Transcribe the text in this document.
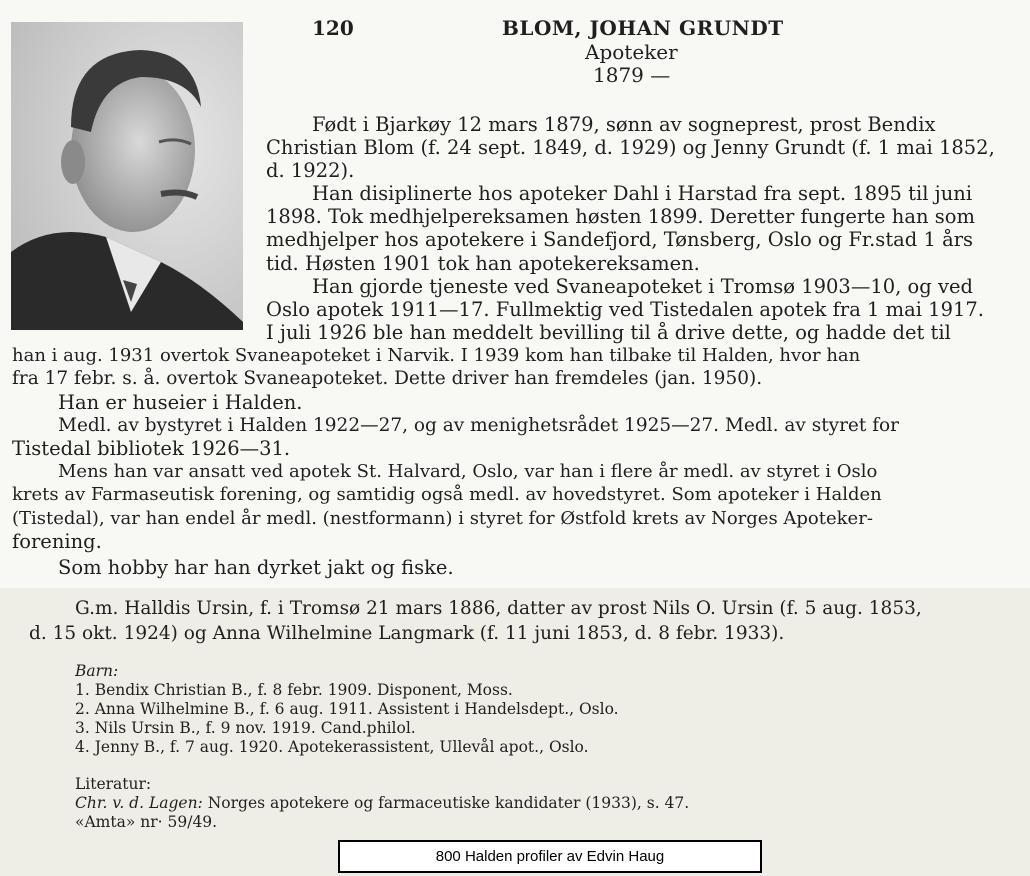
120	BLOM, JOHAN GRUNDT
Apoteker
1879 —
Født i Bjarkøy 12 mars 1879, sønn av sogneprest, prost Bendix
Christian Blom (f. 24 sept. 1849, d. 1929) og Jenny Grundt (f. 1 mai 1852,
d. 1922).
Han disiplinerte hos apoteker Dahl i Harstad fra sept. 1895 til juni
1898. Tok medhjelpereksamen høsten 1899. Deretter fungerte han som
medhjelper hos apotekere i Sandefjord, Tønsberg, Oslo og Fr.stad 1 års
tid. Høsten 1901 tok han apotekereksamen.
Han gjorde tjeneste ved Svaneapoteket i Tromsø 1903—10, og ved
Oslo apotek 1911—17. Fullmektig ved Tistedalen apotek fra 1 mai 1917.
I juli 1926 ble han meddelt bevilling til å drive dette, og hadde det til
han i aug. 1931 overtok Svaneapoteket i Narvik. I 1939 kom han tilbake til Halden, hvor han
fra 17 febr. s. å. overtok Svaneapoteket. Dette driver han fremdeles (jan. 1950).
Han er huseier i Halden.
Medl. av bystyret i Halden 1922—27, og av menighetsrådet 1925—27. Medl. av styret for
Tistedal bibliotek 1926—31.
Mens han var ansatt ved apotek St. Halvard, Oslo, var han i flere år medl. av styret i Oslo
krets av Farmaseutisk forening, og samtidig også medl. av hovedstyret. Som apoteker i Halden
(Tistedal), var han endel år medl. (nestformann) i styret for Østfold krets av Norges Apoteker-
forening.
Som hobby har han dyrket jakt og fiske.
G.m. Halldis Ursin, f. i Tromsø 21 mars 1886, datter av prost Nils O. Ursin (f. 5 aug. 1853,
d. 15 okt. 1924) og Anna Wilhelmine Langmark (f. 11 juni 1853, d. 8 febr. 1933).
Barn:
1. Bendix Christian B., f. 8 febr. 1909. Disponent, Moss.
2. Anna Wilhelmine B., f. 6 aug. 1911. Assistent i Handelsdept., Oslo.
3. Nils Ursin B., f. 9 nov. 1919. Cand.philol.
4. Jenny B., f. 7 aug. 1920. Apotekerassistent, Ullevål apot., Oslo.
Literatur:
Chr. v. d. Lagen: Norges apotekere og farmaceutiske kandidater (1933), s. 47.
«Amta» nr· 59/49.
800 Halden profiler av Edvin Haug
